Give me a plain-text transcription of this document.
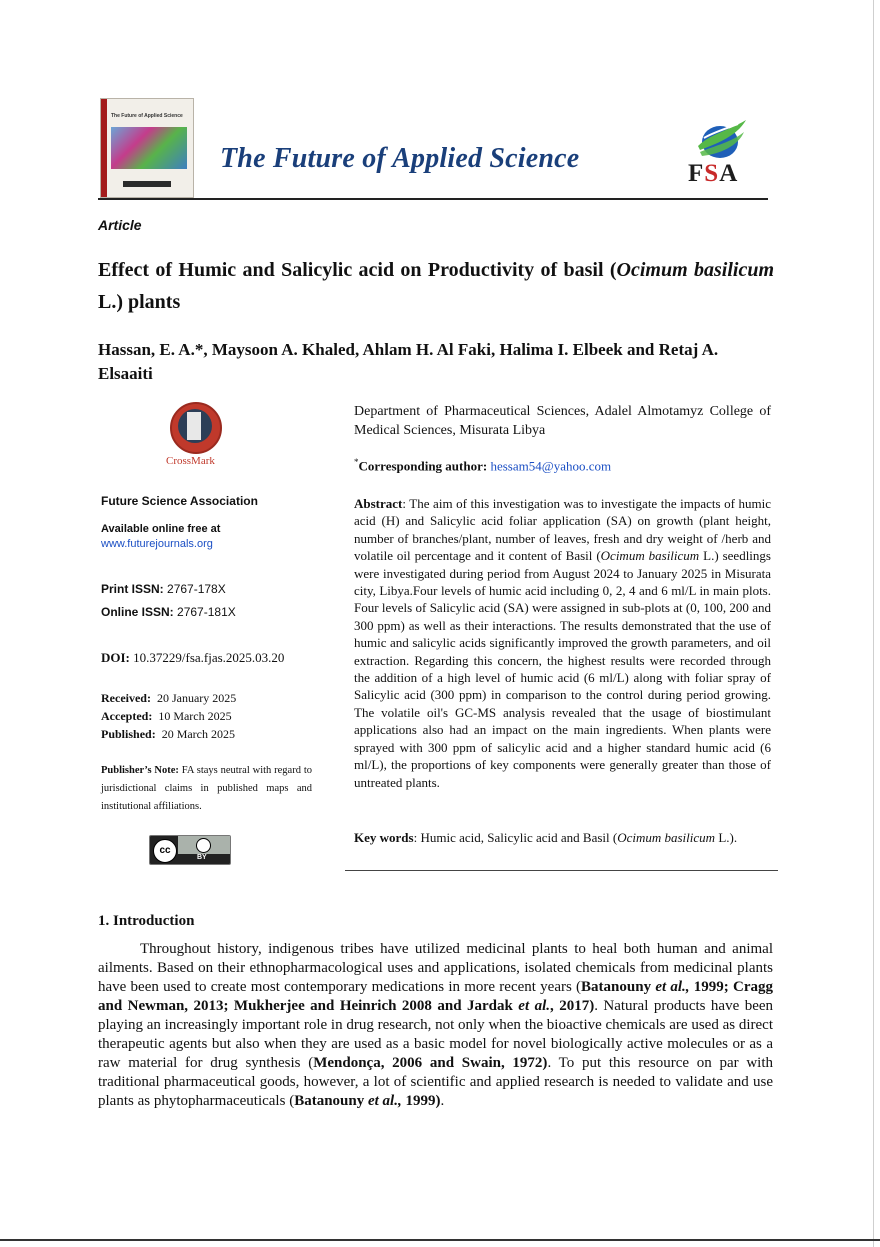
The Future of Applied Science
The Future of Applied Science	FSA
Article
Effect of Humic and Salicylic acid on Productivity of basil (Ocimum basilicum L.) plants
Hassan, E. A.*, Maysoon A. Khaled, Ahlam H. Al Faki, Halima I. Elbeek and Retaj A. Elsaaiti
CrossMark
Future Science Association
Available online free at
www.futurejournals.org
Print ISSN: 2767-178X
Online ISSN: 2767-181X
DOI: 10.37229/fsa.fjas.2025.03.20
Received: 20 January 2025
Accepted: 10 March 2025
Published: 20 March 2025
Publisher’s Note: FA stays neutral with regard to jurisdictional claims in published maps and institutional affiliations.
cc
BY
Department of Pharmaceutical Sciences, Adalel Almotamyz College of Medical Sciences, Misurata Libya
*Corresponding author: hessam54@yahoo.com
Abstract: The aim of this investigation was to investigate the impacts of humic acid (H) and Salicylic acid foliar application (SA) on growth (plant height, number of branches/plant, number of leaves, fresh and dry weight of /herb and volatile oil percentage and it content of Basil (Ocimum basilicum L.) seedlings were investigated during period from August 2024 to January 2025 in Misurata city, Libya.Four levels of humic acid including 0, 2, 4 and 6 ml/L in main plots. Four levels of Salicylic acid (SA) were assigned in sub-plots at (0, 100, 200 and 300 ppm) as well as their interactions. The results demonstrated that the use of humic and salicylic acids significantly improved the growth parameters, and oil extraction. Regarding this concern, the highest results were recorded through the addition of a high level of humic acid (6 ml/L) along with foliar spray of Salicylic acid (300 ppm) in comparison to the control during period growing. The volatile oil's GC-MS analysis revealed that the usage of biostimulant applications also had an impact on the main ingredients. When plants were sprayed with 300 ppm of salicylic acid and a higher standard humic acid (6 ml/L), the proportions of key components were generally greater than those of untreated plants.
Key words: Humic acid, Salicylic acid and Basil (Ocimum basilicum L.).
1. Introduction
Throughout history, indigenous tribes have utilized medicinal plants to heal both human and animal ailments. Based on their ethnopharmacological uses and applications, isolated chemicals from medicinal plants have been used to create most contemporary medications in more recent years (Batanouny et al., 1999; Cragg and Newman, 2013; Mukherjee and Heinrich 2008 and Jardak et al., 2017). Natural products have been playing an increasingly important role in drug research, not only when the bioactive chemicals are used as direct therapeutic agents but also when they are used as a basic model for novel biologically active molecules or as a raw material for drug synthesis (Mendonça, 2006 and Swain, 1972). To put this resource on par with traditional pharmaceutical goods, however, a lot of scientific and applied research is needed to validate and use plants as phytopharmaceuticals (Batanouny et al., 1999).
